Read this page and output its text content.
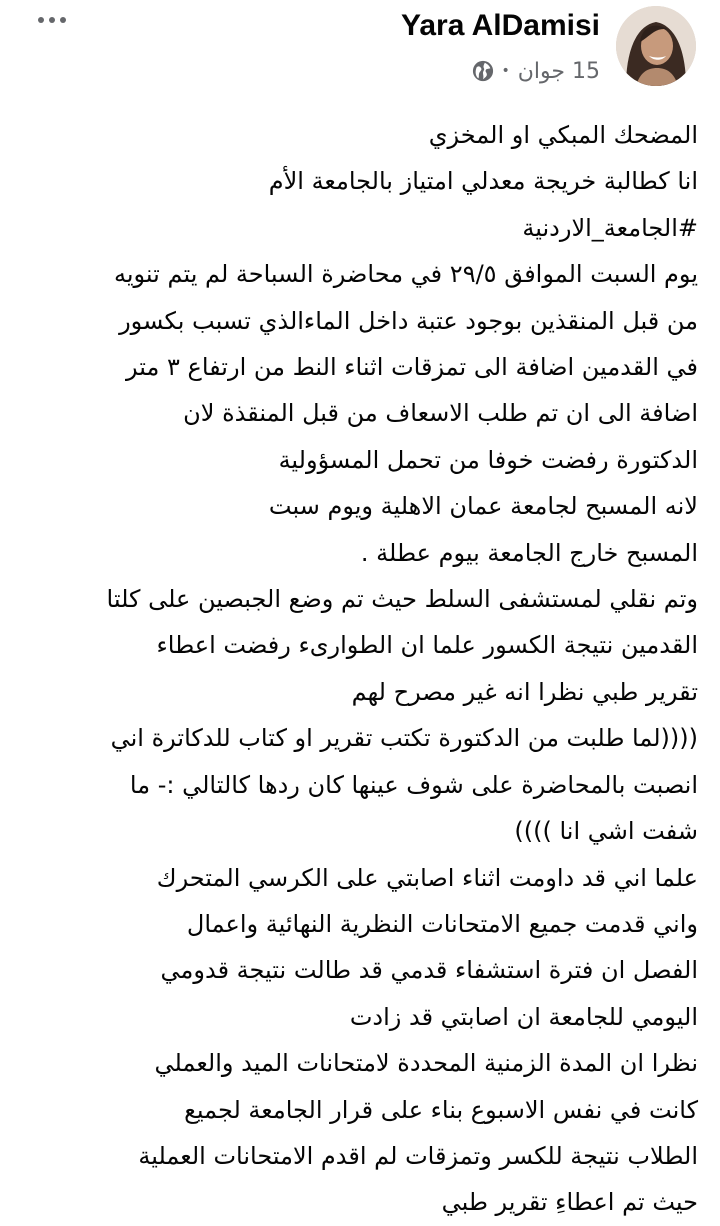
Yara AlDamisi
• 15 جوان
المضحك المبكي او المخزي
انا كطالبة خريجة معدلي امتياز بالجامعة الأم
#الجامعة_الاردنية
يوم السبت الموافق ٢٩/٥ في محاضرة السباحة لم يتم تنويه
من قبل المنقذين بوجود عتبة داخل الماءالذي تسبب بكسور
في القدمين اضافة الى تمزقات اثناء النط من ارتفاع ٣ متر
اضافة الى ان تم طلب الاسعاف من قبل المنقذة لان
الدكتورة رفضت خوفا من تحمل المسؤولية
لانه المسبح لجامعة عمان الاهلية ويوم سبت
المسبح خارج الجامعة بيوم عطلة .
وتم نقلي لمستشفى السلط حيث تم وضع الجبصين على كلتا
القدمين نتيجة الكسور علما ان الطوارىء رفضت اعطاء
تقرير طبي نظرا انه غير مصرح لهم
((((لما طلبت من الدكتورة تكتب تقرير او كتاب للدكاترة اني
انصبت بالمحاضرة على شوف عينها كان ردها كالتالي :- ما
شفت اشي انا ))))
علما اني قد داومت اثناء اصابتي على الكرسي المتحرك
واني قدمت جميع الامتحانات النظرية النهائية واعمال
الفصل ان فترة استشفاء قدمي قد طالت نتيجة قدومي
اليومي للجامعة ان اصابتي قد زادت
نظرا ان المدة الزمنية المحددة لامتحانات الميد والعملي
كانت في نفس الاسبوع بناء على قرار الجامعة لجميع
الطلاب نتيجة للكسر وتمزقات لم اقدم الامتحانات العملية
حيث تم اعطاءِ تقرير طبي
